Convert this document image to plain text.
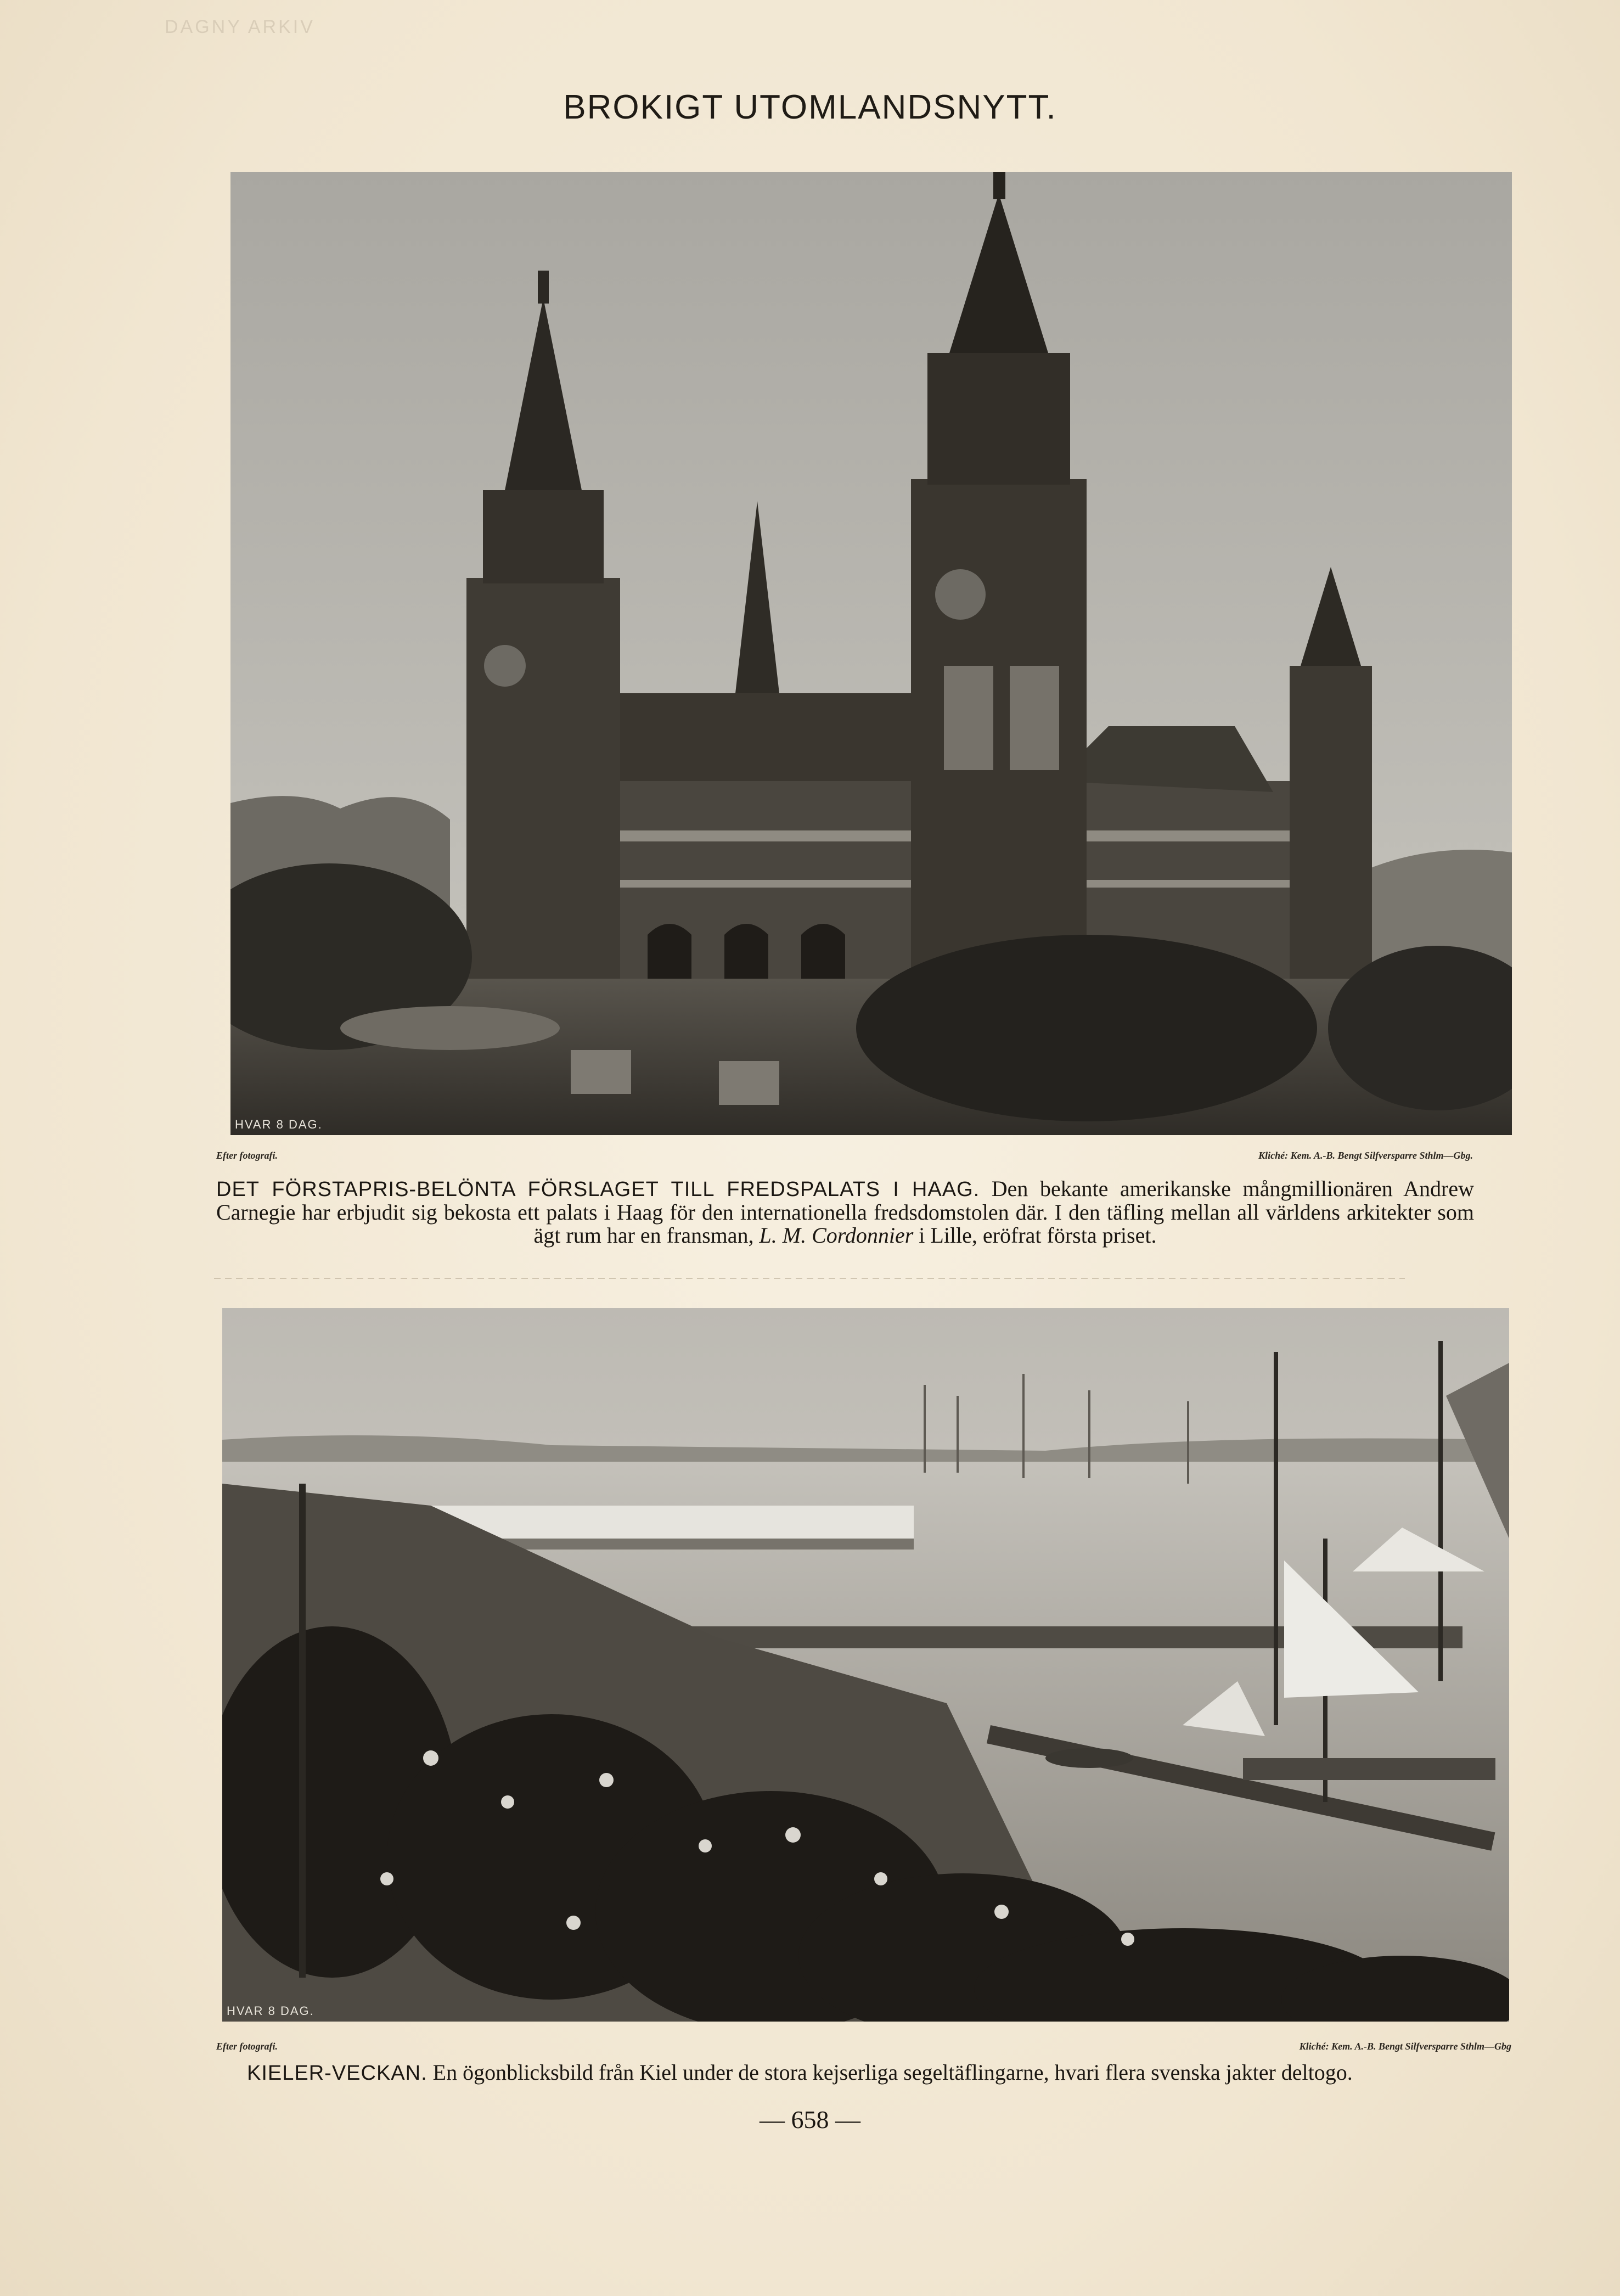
DAGNY ARKIV
BROKIGT UTOMLANDSNYTT.
HVAR 8 DAG.
Efter fotografi.	Kliché: Kem. A.-B. Bengt Silfversparre Sthlm—Gbg.
DET FÖRSTAPRIS-BELÖNTA FÖRSLAGET TILL FREDSPALATS I HAAG. Den bekante amerikanske mångmillionären Andrew Carnegie har erbjudit sig bekosta ett palats i Haag för den internationella fredsdomstolen där. I den täfling mellan all världens arkitekter som ägt rum har en fransman, L. M. Cordonnier i Lille, eröfrat första priset.
HVAR 8 DAG.
Efter fotografi.	Kliché: Kem. A.-B. Bengt Silfversparre Sthlm—Gbg
KIELER-VECKAN. En ögonblicksbild från Kiel under de stora kejserliga segeltäflingarne, hvari flera svenska jakter deltogo.
— 658 —
